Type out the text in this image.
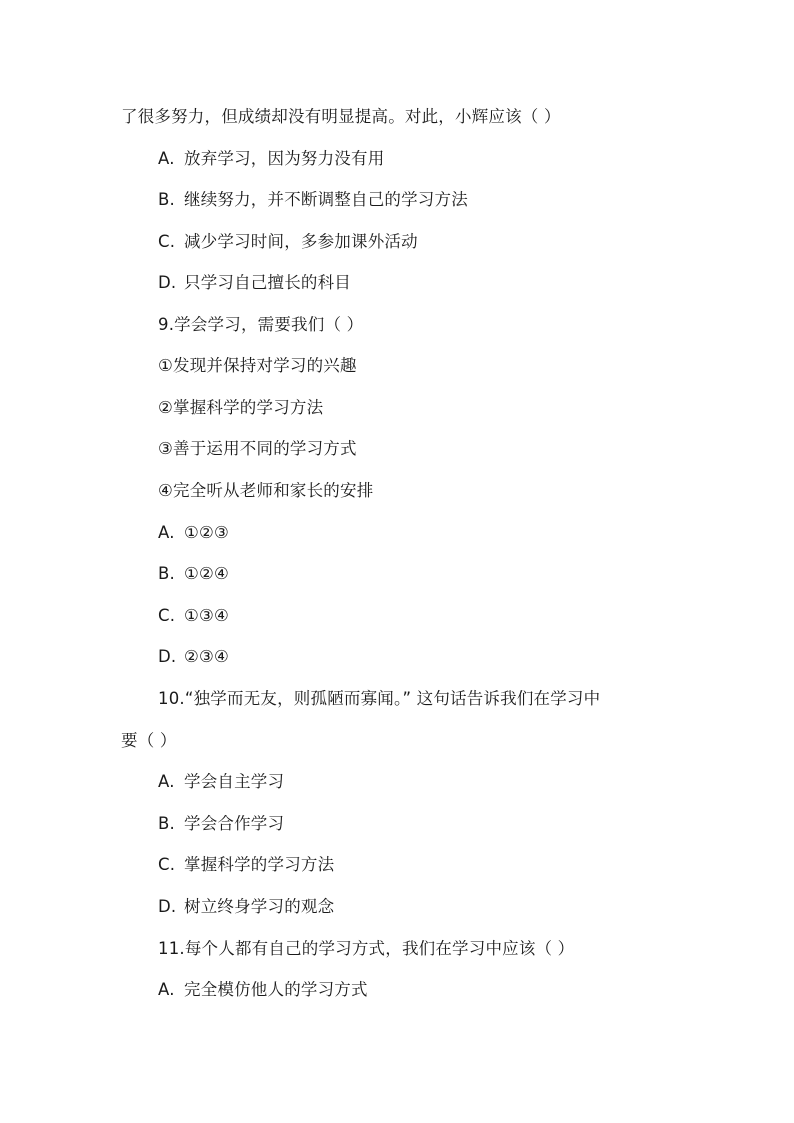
了很多努力，但成绩却没有明显提高。对此，小辉应该（ ）
A. 放弃学习，因为努力没有用
B. 继续努力，并不断调整自己的学习方法
C. 减少学习时间，多参加课外活动
D. 只学习自己擅长的科目
9.学会学习，需要我们（ ）
①发现并保持对学习的兴趣
②掌握科学的学习方法
③善于运用不同的学习方式
④完全听从老师和家长的安排
A. ①②③
B. ①②④
C. ①③④
D. ②③④
10.“独学而无友，则孤陋而寡闻。” 这句话告诉我们在学习中
要（ ）
A. 学会自主学习
B. 学会合作学习
C. 掌握科学的学习方法
D. 树立终身学习的观念
11.每个人都有自己的学习方式，我们在学习中应该（ ）
A. 完全模仿他人的学习方式
